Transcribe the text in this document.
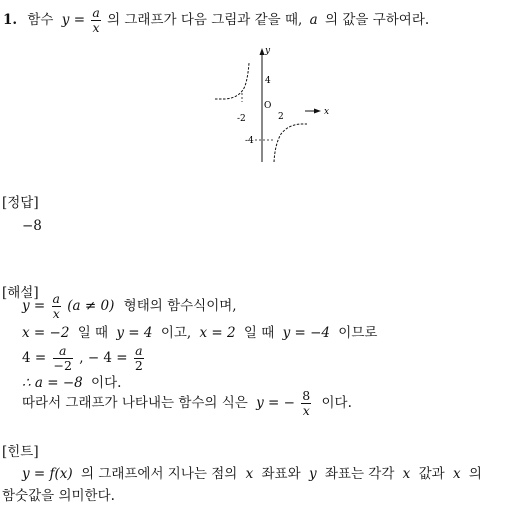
1. 함수 $y = \frac{a}{x}$ 의 그래프가 다음 그림과 같을 때, a 의 값을 구하여라.
y
x
O
4
-2	2
-4
[정답]
−8
[해설]
$y = \frac{a}{x} (a \ne 0)$ 형태의 함수식이며,
x = −2 일 때 y = 4 이고, x = 2 일 때 y = −4 이므로
$4 = \frac{a}{-2}$ , − $4 = \frac{a}{2}$
∴ a = −8 이다.
따라서 그래프가 나타내는 함수의 식은 y = − $\frac{8}{x}$ 이다.
[힌트]
y = f(x) 의 그래프에서 지나는 점의 x 좌표와 y 좌표는 각각 x 값과 x 의
함숫값을 의미한다.
